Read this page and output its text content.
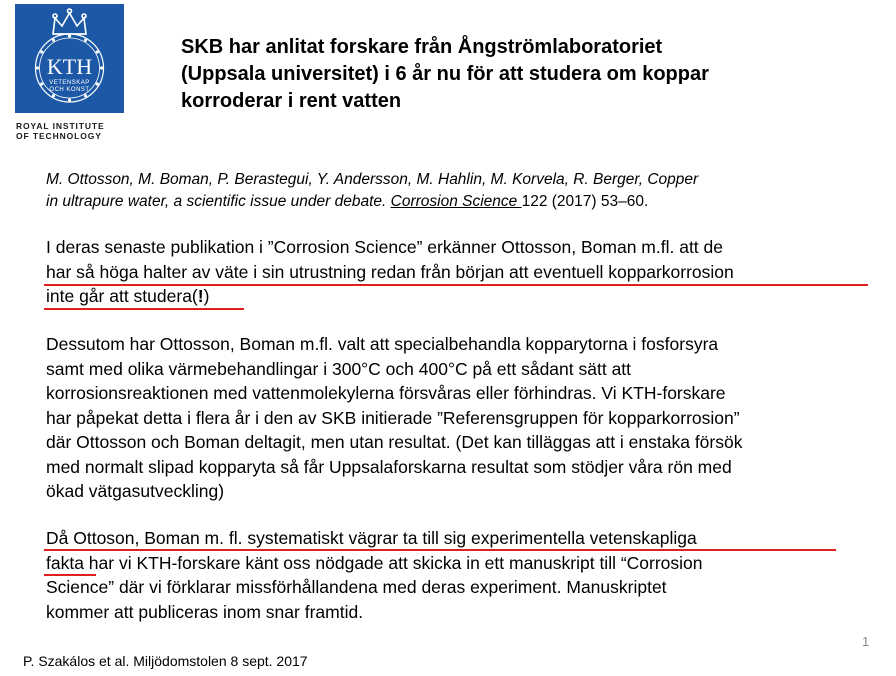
KTH
VETENSKAP
OCH KONST
ROYAL INSTITUTE
OF TECHNOLOGY
SKB har anlitat forskare från Ångströmlaboratoriet
(Uppsala universitet) i 6 år nu för att studera om koppar
korroderar i rent vatten
M. Ottosson, M. Boman, P. Berastegui, Y. Andersson, M. Hahlin, M. Korvela, R. Berger, Copper
in ultrapure water, a scientific issue under debate. Corrosion Science 122 (2017) 53–60.
I deras senaste publikation i ”Corrosion Science” erkänner Ottosson, Boman m.fl. att de
har så höga halter av väte i sin utrustning redan från början att eventuell kopparkorrosion
inte går att studera(!)
Dessutom har Ottosson, Boman m.fl. valt att specialbehandla kopparytorna i fosforsyra
samt med olika värmebehandlingar i 300°C och 400°C på ett sådant sätt att
korrosionsreaktionen med vattenmolekylerna försvåras eller förhindras. Vi KTH-forskare
har påpekat detta i flera år i den av SKB initierade ”Referensgruppen för kopparkorrosion”
där Ottosson och Boman deltagit, men utan resultat. (Det kan tilläggas att i enstaka försök
med normalt slipad kopparyta så får Uppsalaforskarna resultat som stödjer våra rön med
ökad vätgasutveckling)
Då Ottoson, Boman m. fl. systematiskt vägrar ta till sig experimentella vetenskapliga
fakta har vi KTH-forskare känt oss nödgade att skicka in ett manuskript till “Corrosion
Science” där vi förklarar missförhållandena med deras experiment. Manuskriptet
kommer att publiceras inom snar framtid.
1
P. Szakálos et al. Miljödomstolen 8 sept. 2017
